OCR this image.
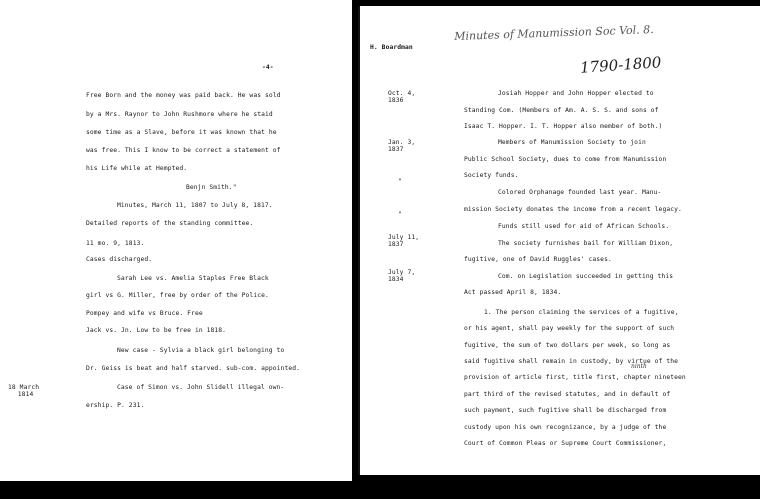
-4-
Free Born and the money was paid back. He was sold
by a Mrs. Raynor to John Rushmore where he staid
some time as a Slave, before it was known that he
was free. This I know to be correct a statement of
his Life while at Hempted.
Benjn Smith."
Minutes, March 11, 1807 to July 8, 1817.
Detailed reports of the standing committee.
11 mo. 9, 1813.
Cases discharged.
Sarah Lee vs. Amelia Staples Free Black
girl vs G. Miller, free by order of the Police.
Pompey and wife vs Bruce. Free
Jack vs. Jn. Low to be free in 1818.
New case - Sylvia a black girl belonging to
Dr. Geiss is beat and half starved. sub-com. appointed.
18 March
1814
Case of Simon vs. John Slidell illegal own-
ership. P. 231.
H. Boardman
Minutes of Manumission Soc Vol. 8.
1790-1800
Oct. 4,
1836
Jan. 3,
1837
"
"
July 11,
1837
July 7,
1834
Josiah Hopper and John Hopper elected to
Standing Com. (Members of Am. A. S. S. and sons of
Isaac T. Hopper. I. T. Hopper also member of both.)
Members of Manumission Society to join
Public School Society, dues to come from Manumission
Society funds.
Colored Orphanage founded last year. Manu-
mission Society donates the income from a recent legacy.
Funds still used for aid of African Schools.
The society furnishes bail for William Dixon,
fugitive, one of David Ruggles' cases.
Com. on Legislation succeeded in getting this
Act passed April 8, 1834.
1. The person claiming the services of a fugitive,
or his agent, shall pay weekly for the support of such
fugitive, the sum of two dollars per week, so long as
said fugitive shall remain in custody, by virtue of the
ninth
provision of article first, title first, chapter nineteen
part third of the revised statutes, and in default of
such payment, such fugitive shall be discharged from
custody upon his own recognizance, by a judge of the
Court of Common Pleas or Supreme Court Commissioner,
